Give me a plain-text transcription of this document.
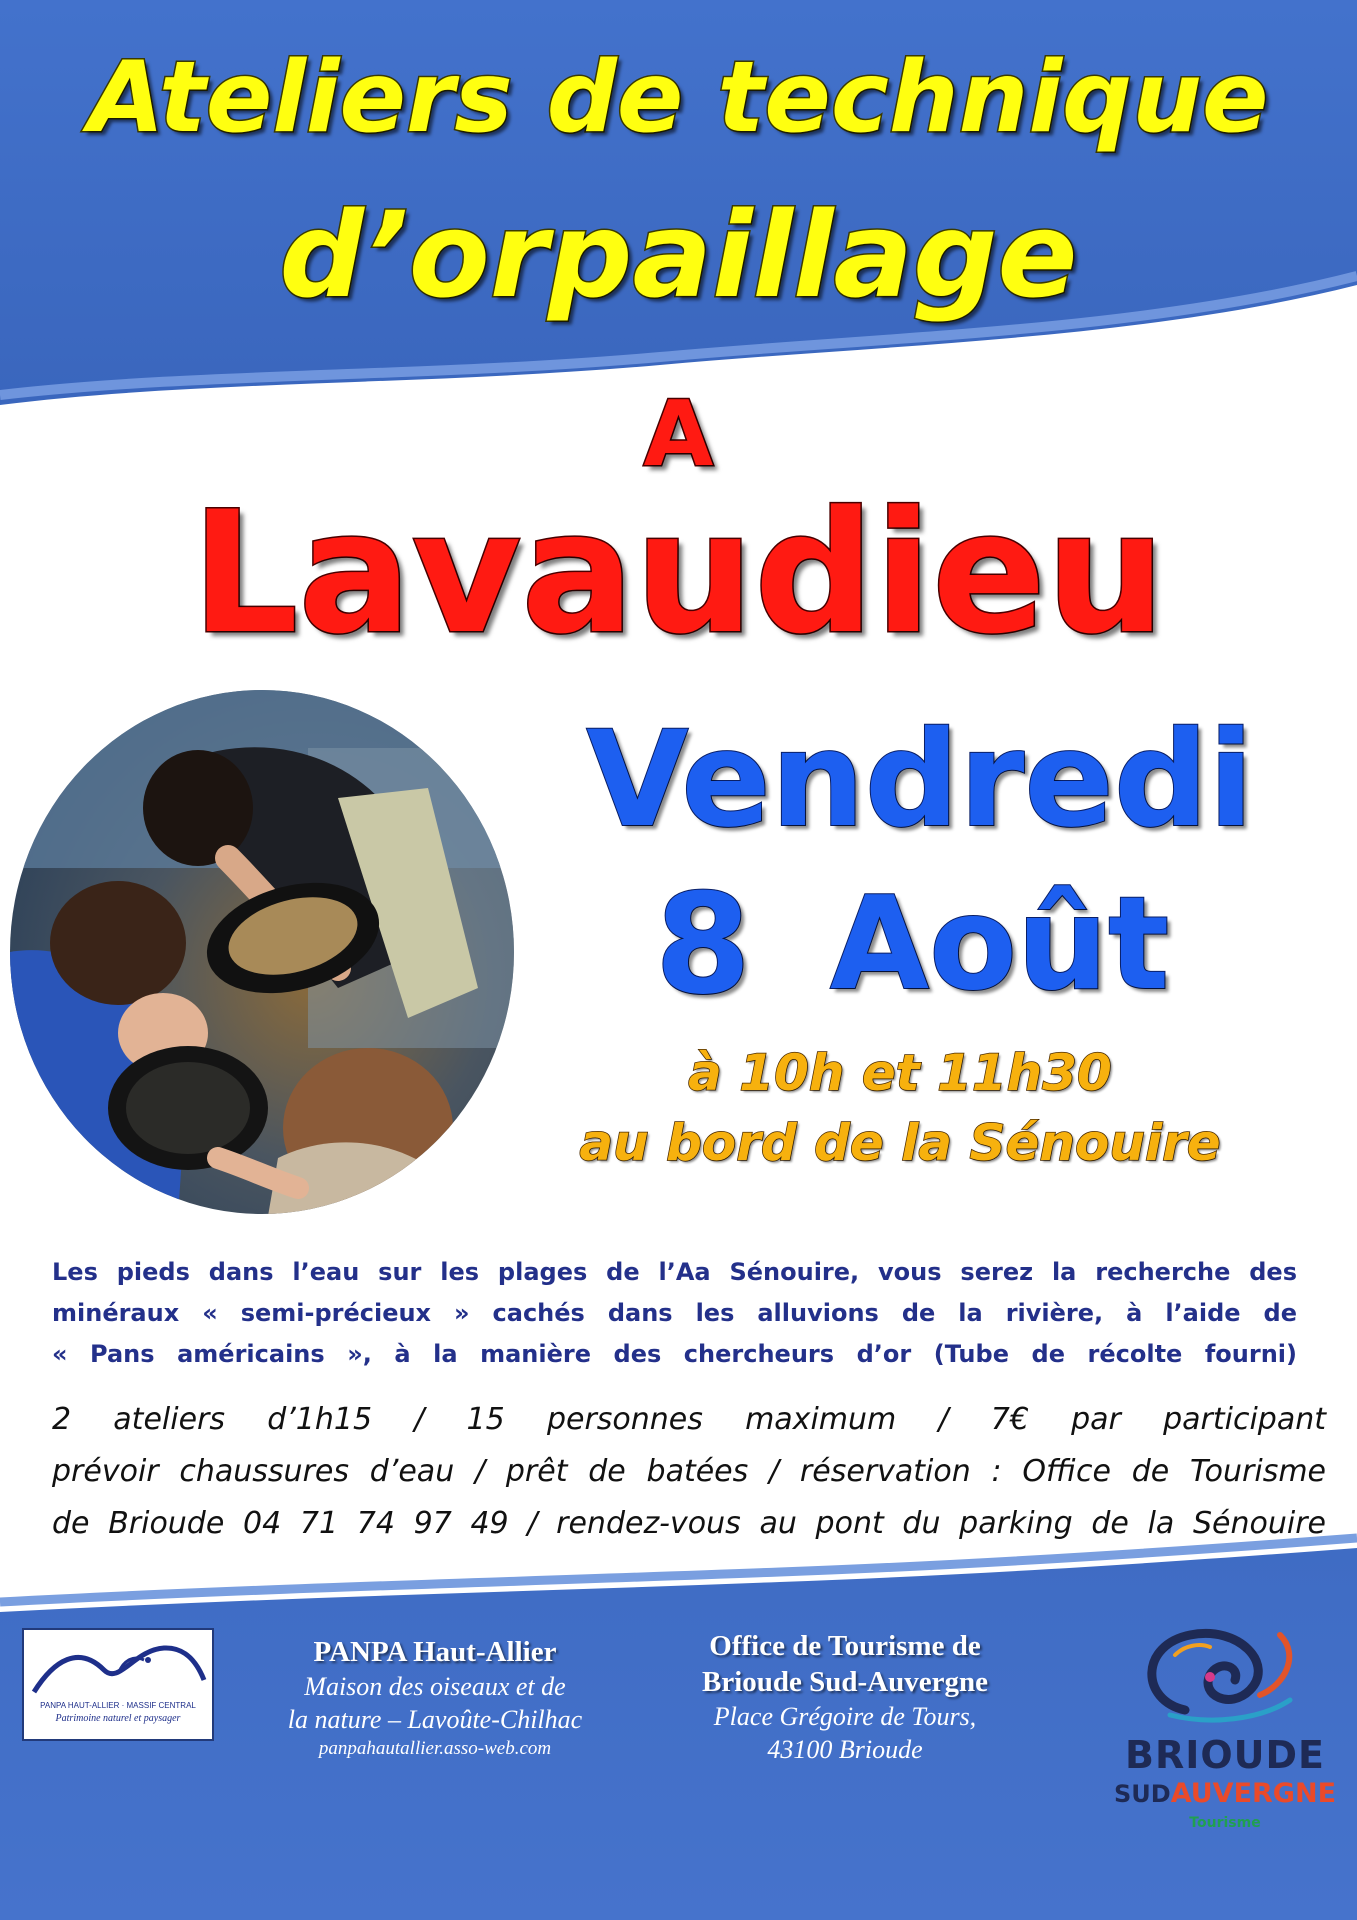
Ateliers de technique
d’orpaillage
A
Lavaudieu
Vendredi
8 Août
à 10h et 11h30
au bord de la Sénouire
Les pieds dans l’eau sur les plages de l’Aa Sénouire, vous serez la recherche des
minéraux « semi-précieux » cachés dans les alluvions de la rivière, à l’aide de
« Pans américains », à la manière des chercheurs d’or (Tube de récolte fourni)
2 ateliers d’1h15 / 15 personnes maximum / 7€ par participant
prévoir chaussures d’eau / prêt de batées / réservation : Office de Tourisme
de Brioude 04 71 74 97 49 / rendez-vous au pont du parking de la Sénouire
PANPA HAUT-ALLIER · MASSIF CENTRAL
Patrimoine naturel et paysager
PANPA Haut-Allier
Maison des oiseaux et de
la nature – Lavoûte-Chilhac
panpahautallier.asso-web.com
Office de Tourisme de
Brioude Sud-Auvergne
Place Grégoire de Tours,
43100 Brioude	BRIOUDE
SUDAUVERGNE
Tourisme
